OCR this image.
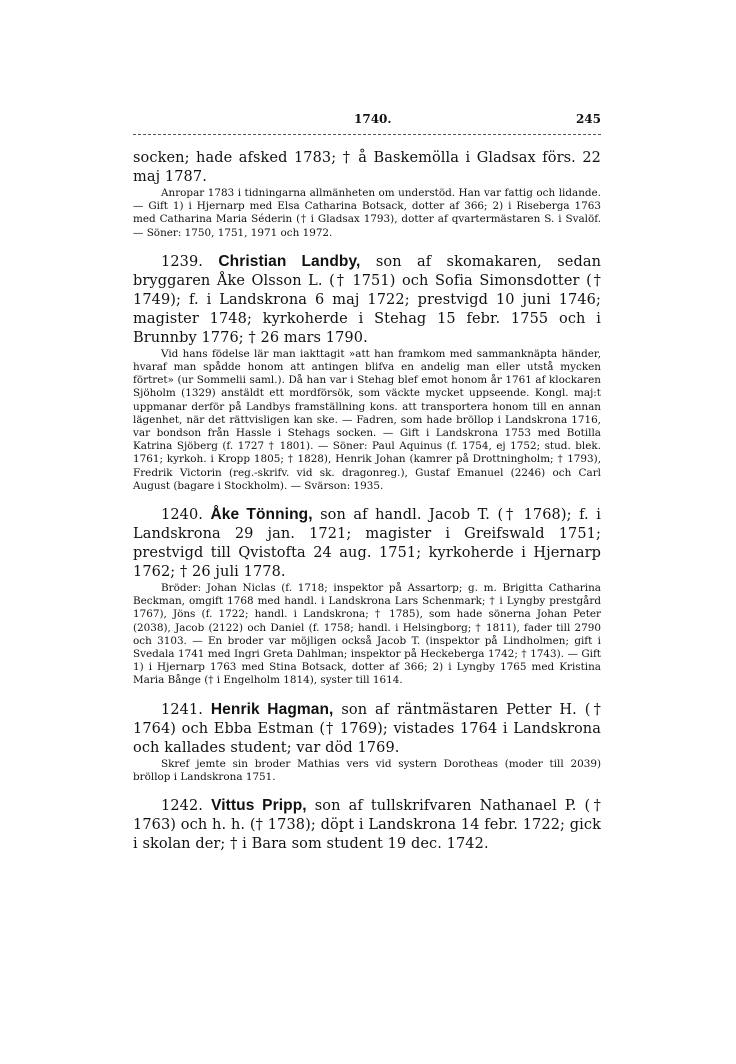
1740.	245

socken; hade afsked 1783; † å Baskemölla i Gladsax förs. 22 maj 1787.

Anropar 1783 i tidningarna allmänheten om understöd. Han var fattig och lidande. — Gift 1) i Hjernarp med Elsa Catharina Botsack, dotter af 366; 2) i Riseberga 1763 med Catharina Maria Séderin († i Gladsax 1793), dotter af qvartermästaren S. i Svalöf. — Söner: 1750, 1751, 1971 och 1972.

1239. Christian Landby, son af skomakaren, sedan bryggaren Åke Olsson L. († 1751) och Sofia Simonsdotter († 1749); f. i Landskrona 6 maj 1722; prestvigd 10 juni 1746; magister 1748; kyrkoherde i Stehag 15 febr. 1755 och i Brunnby 1776; † 26 mars 1790.

Vid hans födelse lär man iakttagit »att han framkom med sammanknäpta händer, hvaraf man spådde honom att antingen blifva en andelig man eller utstå mycken förtret» (ur Sommelii saml.). Då han var i Stehag blef emot honom år 1761 af klockaren Sjöholm (1329) anstäldt ett mordförsök, som väckte mycket uppseende. Kongl. maj:t uppmanar derför på Landbys framställning kons. att transportera honom till en annan lägenhet, när det rättvisligen kan ske. — Fadren, som hade bröllop i Landskrona 1716, var bondson från Hassle i Stehags socken. — Gift i Landskrona 1753 med Botilla Katrina Sjöberg (f. 1727 † 1801). — Söner: Paul Aquinus (f. 1754, ej 1752; stud. blek. 1761; kyrkoh. i Kropp 1805; † 1828), Henrik Johan (kamrer på Drottningholm; † 1793), Fredrik Victorin (reg.-skrifv. vid sk. dragonreg.), Gustaf Emanuel (2246) och Carl August (bagare i Stockholm). — Svärson: 1935.

1240. Åke Tönning, son af handl. Jacob T. († 1768); f. i Landskrona 29 jan. 1721; magister i Greifswald 1751; prestvigd till Qvistofta 24 aug. 1751; kyrkoherde i Hjernarp 1762; † 26 juli 1778.

Bröder: Johan Niclas (f. 1718; inspektor på Assartorp; g. m. Brigitta Catharina Beckman, omgift 1768 med handl. i Landskrona Lars Schenmark; † i Lyngby prestgård 1767), Jöns (f. 1722; handl. i Landskrona; † 1785), som hade sönerna Johan Peter (2038), Jacob (2122) och Daniel (f. 1758; handl. i Helsingborg; † 1811), fader till 2790 och 3103. — En broder var möjligen också Jacob T. (inspektor på Lindholmen; gift i Svedala 1741 med Ingri Greta Dahlman; inspektor på Heckeberga 1742; † 1743). — Gift 1) i Hjernarp 1763 med Stina Botsack, dotter af 366; 2) i Lyngby 1765 med Kristina Maria Bånge († i Engelholm 1814), syster till 1614.

1241. Henrik Hagman, son af räntmästaren Petter H. († 1764) och Ebba Estman († 1769); vistades 1764 i Landskrona och kallades student; var död 1769.

Skref jemte sin broder Mathias vers vid systern Dorotheas (moder till 2039) bröllop i Landskrona 1751.

1242. Vittus Pripp, son af tullskrifvaren Nathanael P. († 1763) och h. h. († 1738); döpt i Landskrona 14 febr. 1722; gick i skolan der; † i Bara som student 19 dec. 1742.
